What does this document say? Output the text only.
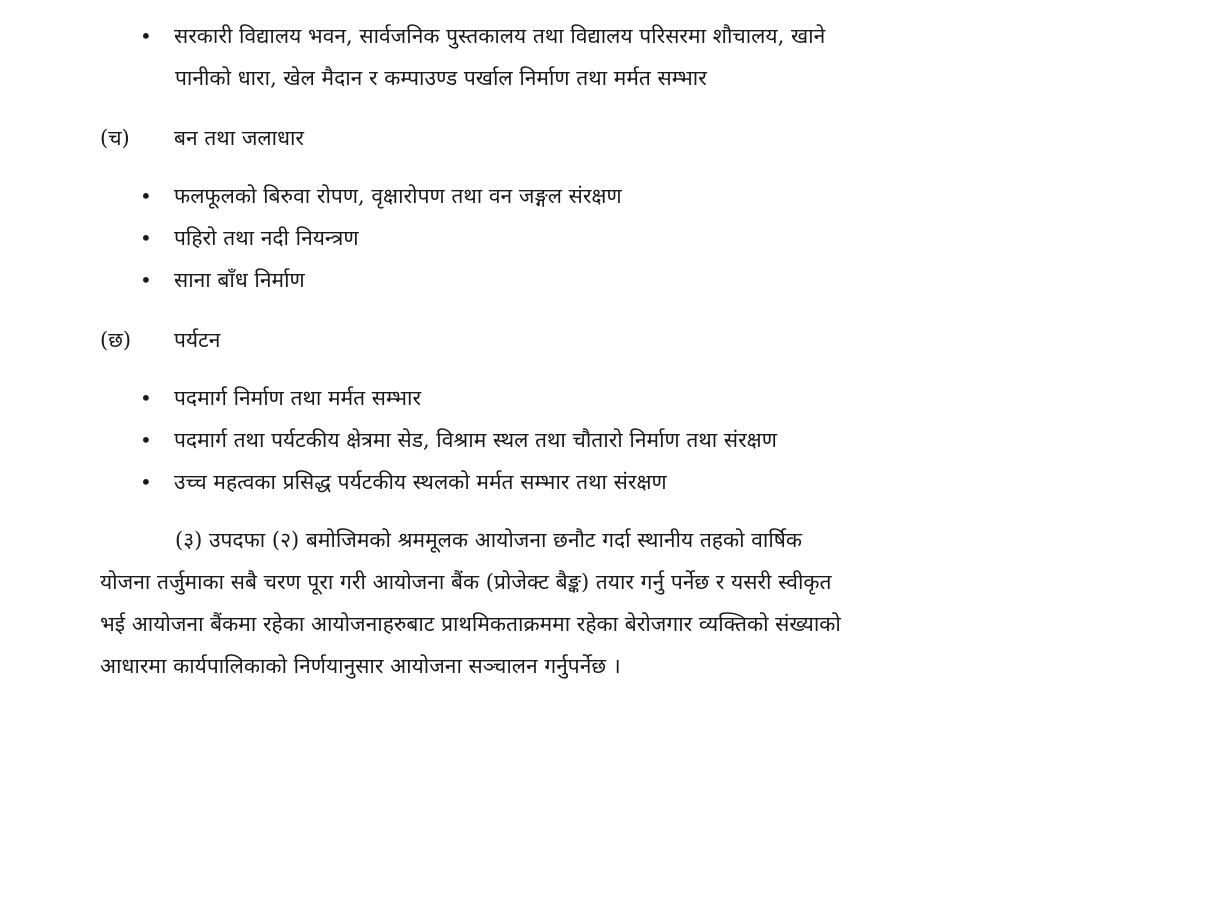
• सरकारी विद्यालय भवन, सार्वजनिक पुस्तकालय तथा विद्यालय परिसरमा शौचालय, खाने
पानीको धारा, खेल मैदान र कम्पाउण्ड पर्खाल निर्माण तथा मर्मत सम्भार
(च) बन तथा जलाधार
• फलफूलको बिरुवा रोपण, वृक्षारोपण तथा वन जङ्गल संरक्षण
• पहिरो तथा नदी नियन्त्रण
• साना बाँध निर्माण
(छ) पर्यटन
• पदमार्ग निर्माण तथा मर्मत सम्भार
• पदमार्ग तथा पर्यटकीय क्षेत्रमा सेड, विश्राम स्थल तथा चौतारो निर्माण तथा संरक्षण
• उच्च महत्वका प्रसिद्ध पर्यटकीय स्थलको मर्मत सम्भार तथा संरक्षण
(३) उपदफा (२) बमोजिमको श्रममूलक आयोजना छनौट गर्दा स्थानीय तहको वार्षिक
योजना तर्जुमाका सबै चरण पूरा गरी आयोजना बैंक (प्रोजेक्ट बैङ्क) तयार गर्नु पर्नेछ र यसरी स्वीकृत
भई आयोजना बैंकमा रहेका आयोजनाहरुबाट प्राथमिकताक्रममा रहेका बेरोजगार व्यक्तिको संख्याको
आधारमा कार्यपालिकाको निर्णयानुसार आयोजना सञ्चालन गर्नुपर्नेछ ।
